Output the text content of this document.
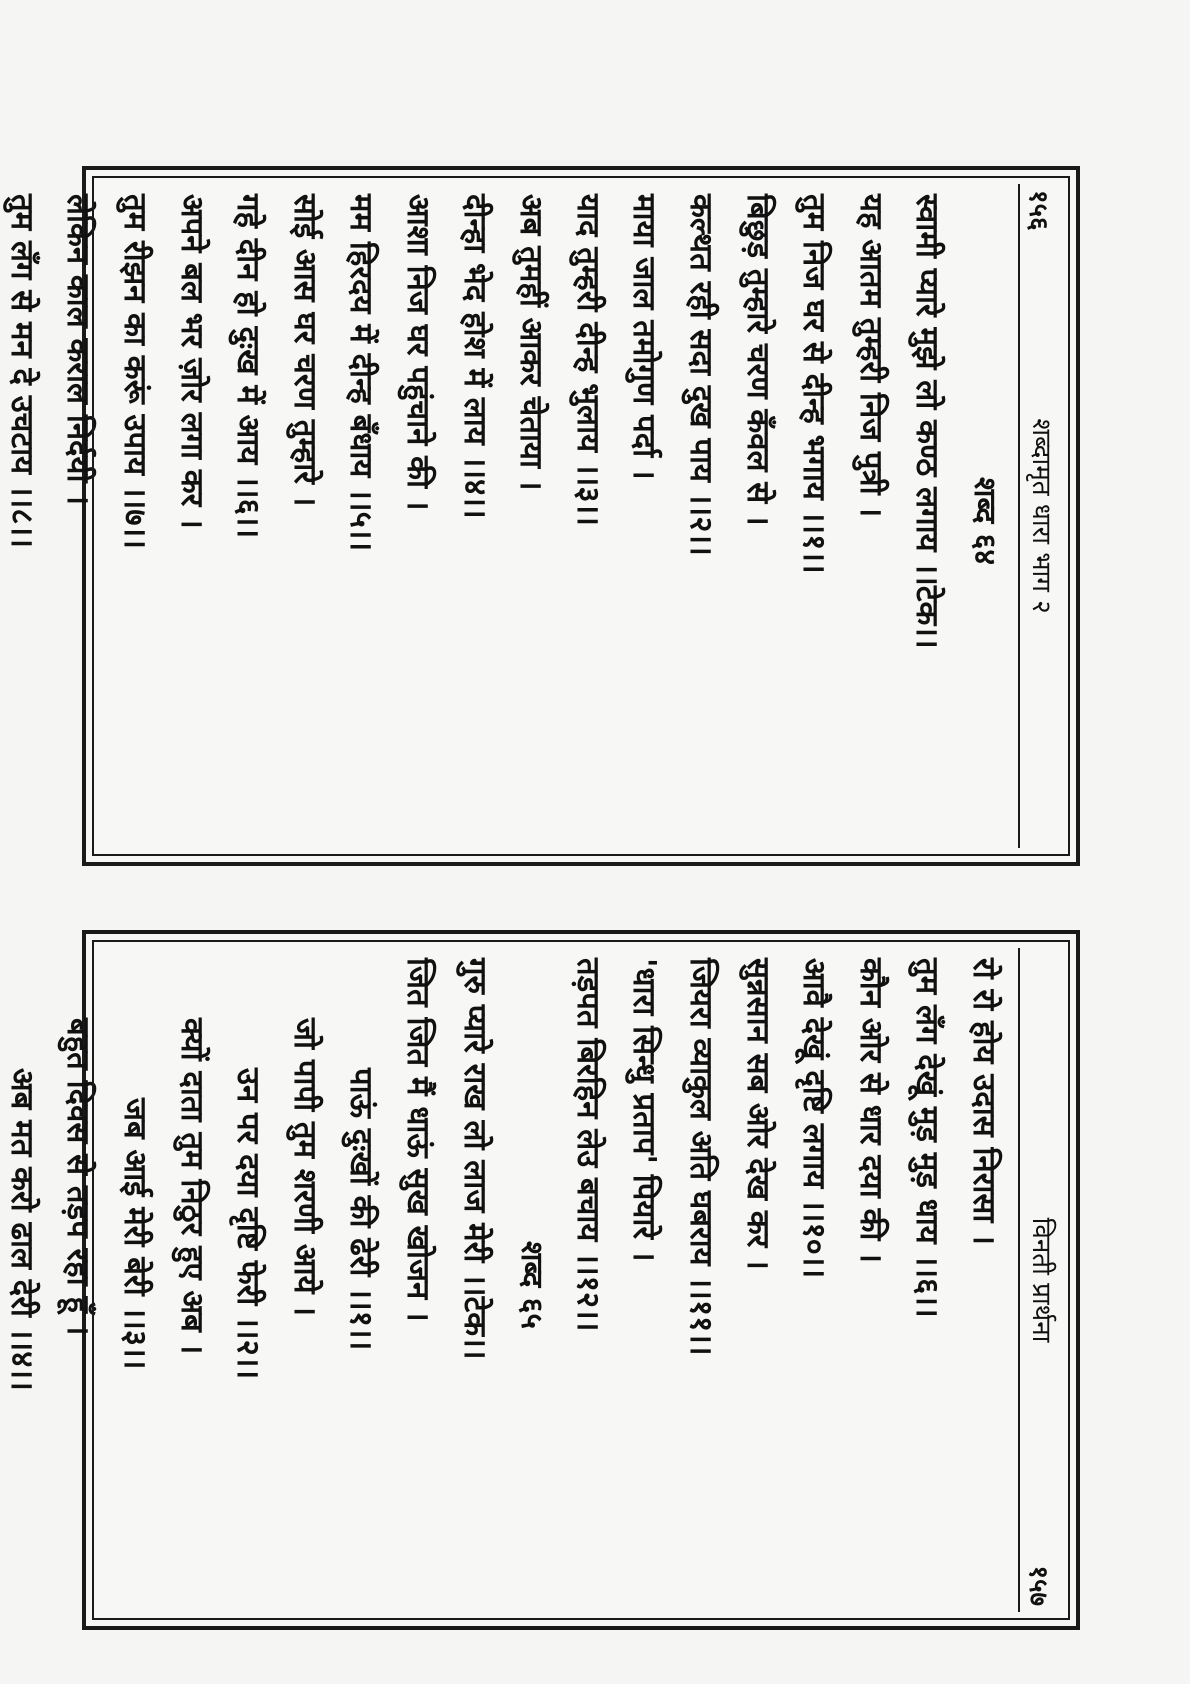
१५६
शब्दामृत धारा भाग २
शब्द ६४
स्वामी प्यारे मुझे लो कण्ठ लगाय ।।टेक।।
यह आतम तुम्हरी निज पुत्री ।
तुम निज घर से दीन्ह भगाय ।।१।।
बिछुड़ तुम्हारे चरण कँवल से ।
कल्थत रही सदा दुख पाय ।।२।।
माया जाल तमोगुण पर्दा ।
याद तुम्हरी दीन्ह भुलाय ।।३।।
अब तुमहीं आकर चेताया ।
दीन्हा भेद होश में लाय ।।४।।
आशा निज घर पहुंचाने की ।
मम हिरदय में दीन्ह बँधाय ।।५।।
सोई आस घर चरण तुम्हारे ।
गहे दीन हो दुःख में आय ।।६।।
अपने बल भर ज़ोर लगा कर ।
तुम रीझन का करूं उपाय ।।७।।
लेकिन काल कराल निर्दयी ।
तुम लँग से मन दे उचटाय ।।८।।
विनती प्रार्थना
१५७
रो रो होय उदास निरासा ।
तुम लँग देखूं मुड़ मुड़ धाय ।।६।।
कौन ओर से धार दया की ।
आवै देखूं दृष्टि लगाय ।।१०।।
सुन्नसान सब ओर देख कर ।
जियरा व्याकुल अति घबराय ।।११।।
'धारा सिन्धु प्रताप' पियारे ।
तड़पत बिरहिन लेउ बचाय ।।१२।।
शब्द ६५
गुरु प्यारे राख लो लाज मेरी ।।टेक।।
जित जित मैं धाऊं सुख खोजन ।
पाऊं दुःखों की ढेरी ।।१।।
जो पापी तुम शरणी आये ।
उन पर दया दृष्टि फेरी ।।२।।
क्यों दाता तुम निठुर हुए अब ।
जब आई मेरी बेरी ।।३।।
बहुत दिवस से तड़प रहा हूँ ।
अब मत करो ढाल देरी ।।४।।
